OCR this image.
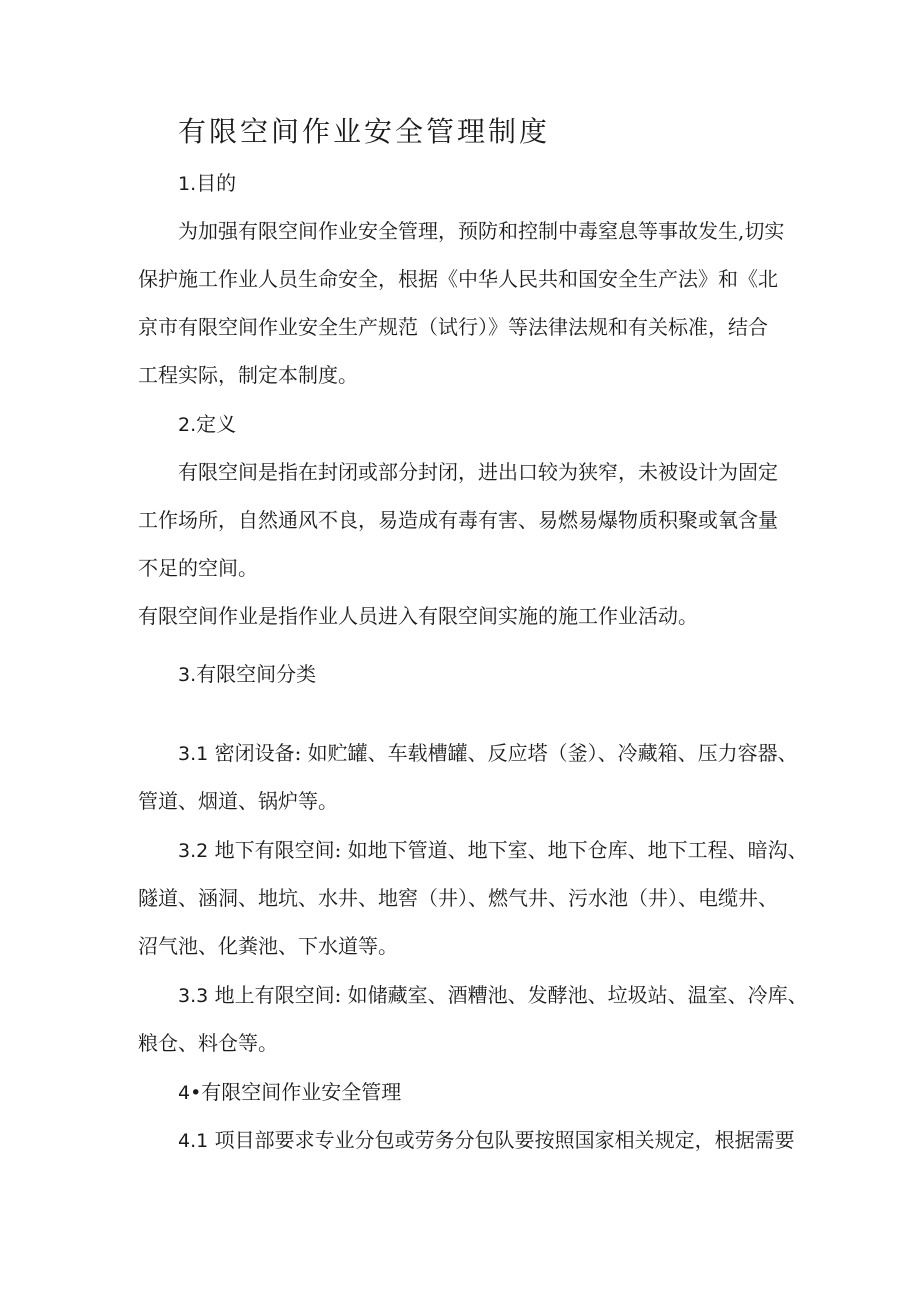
有限空间作业安全管理制度
1.目的
为加强有限空间作业安全管理，预防和控制中毒窒息等事故发生,切实
保护施工作业人员生命安全，根据《中华人民共和国安全生产法》和《北
京市有限空间作业安全生产规范（试行）》等法律法规和有关标准，结合
工程实际，制定本制度。
2.定义
有限空间是指在封闭或部分封闭，进出口较为狭窄，未被设计为固定
工作场所，自然通风不良，易造成有毒有害、易燃易爆物质积聚或氧含量
不足的空间。
有限空间作业是指作业人员进入有限空间实施的施工作业活动。
3.有限空间分类
3.1 密闭设备: 如贮罐、车载槽罐、反应塔（釜）、冷藏箱、压力容器、
管道、烟道、锅炉等。
3.2 地下有限空间: 如地下管道、地下室、地下仓库、地下工程、暗沟、
隧道、涵洞、地坑、水井、地窖（井）、燃气井、污水池（井）、电缆井、
沼气池、化粪池、下水道等。
3.3 地上有限空间: 如储藏室、酒糟池、发酵池、垃圾站、温室、冷库、
粮仓、料仓等。
4•有限空间作业安全管理
4.1 项目部要求专业分包或劳务分包队要按照国家相关规定，根据需要
